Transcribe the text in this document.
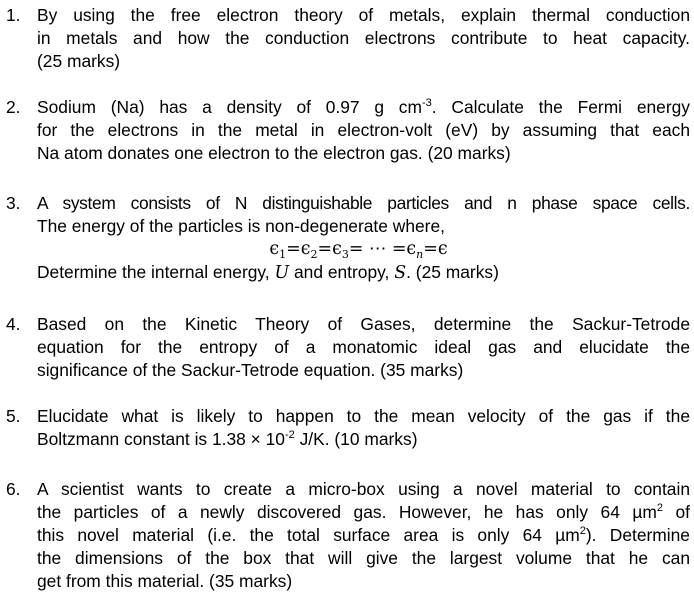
1. By using the free electron theory of metals, explain thermal conduction
in metals and how the conduction electrons contribute to heat capacity.
(25 marks)
2. Sodium (Na) has a density of 0.97 g $cm^{-3}$. Calculate the Fermi energy
for the electrons in the metal in electron-volt (eV) by assuming that each
Na atom donates one electron to the electron gas. (20 marks)
3. A system consists of N distinguishable particles and n phase space cells.
The energy of the particles is non-degenerate where,
$\epsilon_1=\epsilon_2=\epsilon_3=$ ⋯ $=\epsilon_n=\epsilon$
Determine the internal energy, U and entropy, S. (25 marks)
4. Based on the Kinetic Theory of Gases, determine the Sackur-Tetrode
equation for the entropy of a monatomic ideal gas and elucidate the
significance of the Sackur-Tetrode equation. (35 marks)
5. Elucidate what is likely to happen to the mean velocity of the gas if the
Boltzmann constant is $1.38 \times 10^{-2}$ J/K. (10 marks)
6. A scientist wants to create a micro-box using a novel material to contain
the particles of a newly discovered gas. However, he has only 64 µm$^2$ of
this novel material (i.e. the total surface area is only 64 µm$^2$). Determine
the dimensions of the box that will give the largest volume that he can
get from this material. (35 marks)
